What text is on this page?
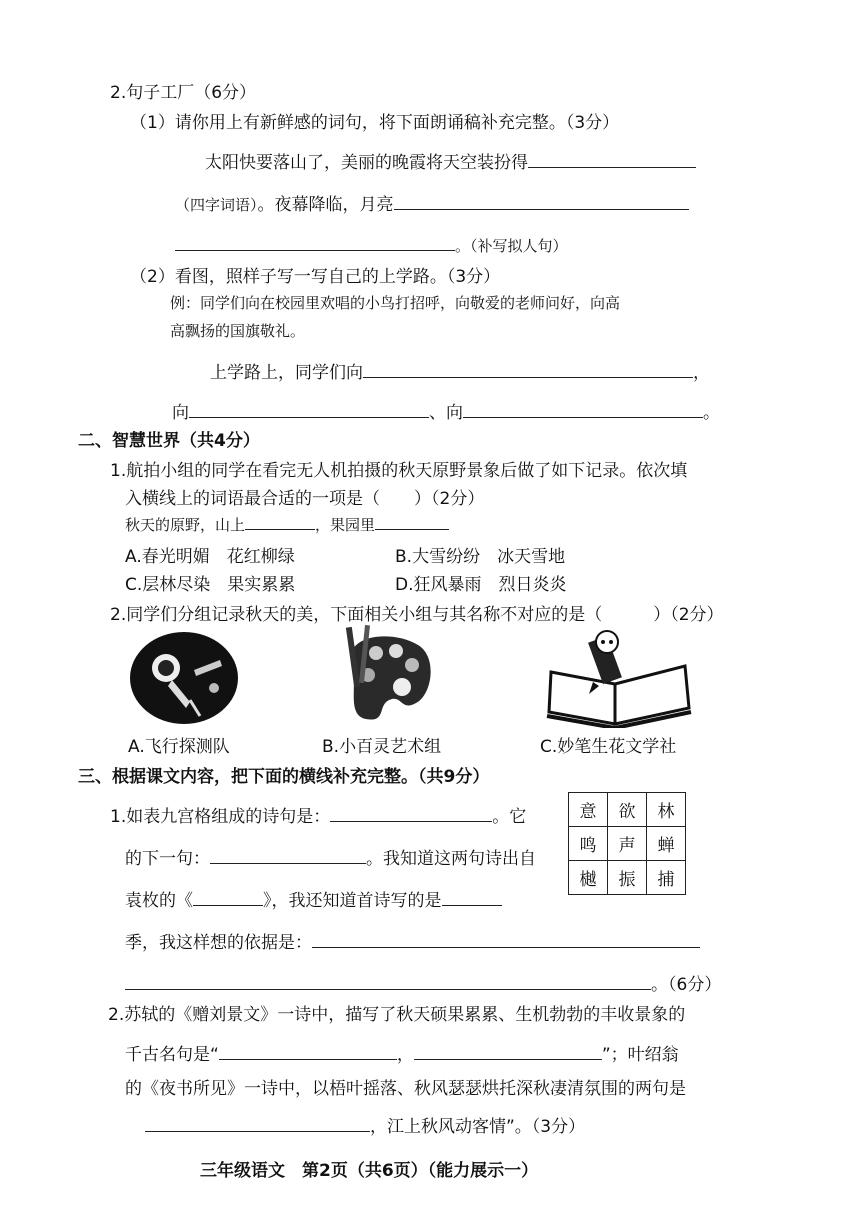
2.句子工厂（6分）
（1）请你用上有新鲜感的词句，将下面朗诵稿补充完整。（3分）
太阳快要落山了，美丽的晚霞将天空装扮得
（四字词语）。夜幕降临，月亮
。（补写拟人句）
（2）看图，照样子写一写自己的上学路。（3分）
例：同学们向在校园里欢唱的小鸟打招呼，向敬爱的老师问好，向高
高飘扬的国旗敬礼。
上学路上，同学们向	，
向	、向	。
二、智慧世界（共4分）
1.航拍小组的同学在看完无人机拍摄的秋天原野景象后做了如下记录。依次填
入横线上的词语最合适的一项是（　　）（2分）
秋天的原野，山上	，果园里
A.春光明媚　花红柳绿	B.大雪纷纷　冰天雪地
C.层林尽染　果实累累	D.狂风暴雨　烈日炎炎
2.同学们分组记录秋天的美，下面相关小组与其名称不对应的是（　　　）（2分）
A.飞行探测队	B.小百灵艺术组	C.妙笔生花文学社
三、根据课文内容，把下面的横线补充完整。（共9分）
1.如表九宫格组成的诗句是：	。它
的下一句：	。我知道这两句诗出自
袁枚的《	》，我还知道首诗写的是
季，我这样想的依据是：
。（6分）
意	欲	林
鸣	声	蝉
樾	振	捕
2.苏轼的《赠刘景文》一诗中，描写了秋天硕果累累、生机勃勃的丰收景象的
千古名句是“	，	”；叶绍翁
的《夜书所见》一诗中，以梧叶摇落、秋风瑟瑟烘托深秋凄清氛围的两句是
，江上秋风动客情”。（3分）
三年级语文　第2页（共6页）（能力展示一）
